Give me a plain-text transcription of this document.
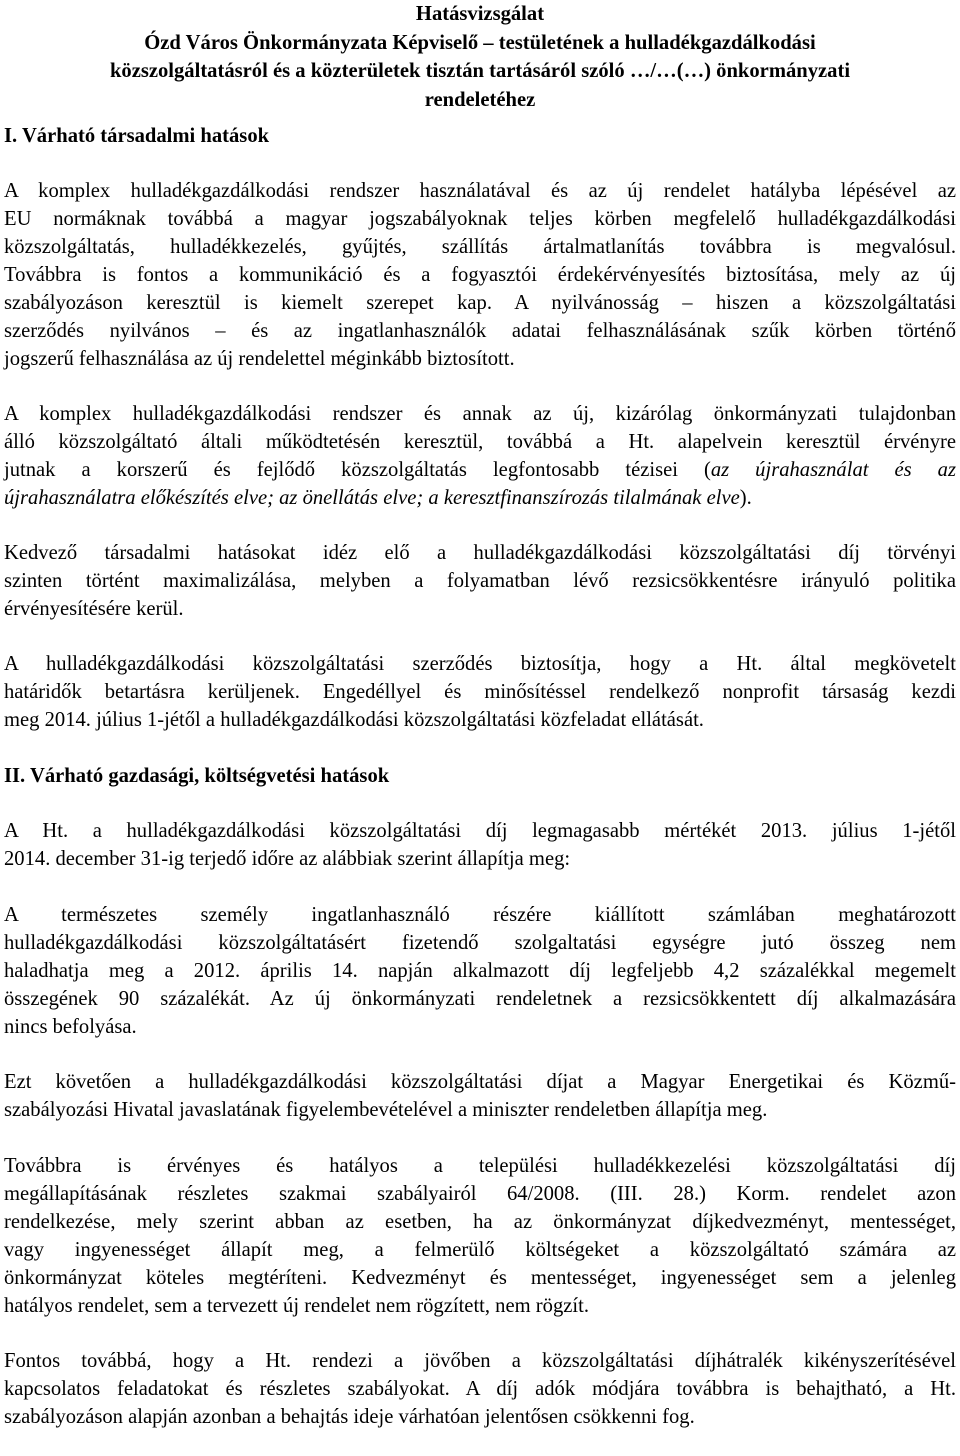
Hatásvizsgálat
Ózd Város Önkormányzata Képviselő – testületének a hulladékgazdálkodási
közszolgáltatásról és a közterületek tisztán tartásáról szóló …/…(…) önkormányzati
rendeletéhez
I. Várható társadalmi hatások
A komplex hulladékgazdálkodási rendszer használatával és az új rendelet hatályba lépésével az
EU normáknak továbbá a magyar jogszabályoknak teljes körben megfelelő hulladékgazdálkodási
közszolgáltatás, hulladékkezelés, gyűjtés, szállítás ártalmatlanítás továbbra is megvalósul.
Továbbra is fontos a kommunikáció és a fogyasztói érdekérvényesítés biztosítása, mely az új
szabályozáson keresztül is kiemelt szerepet kap. A nyilvánosság – hiszen a közszolgáltatási
szerződés nyilvános – és az ingatlanhasználók adatai felhasználásának szűk körben történő
jogszerű felhasználása az új rendelettel méginkább biztosított.
A komplex hulladékgazdálkodási rendszer és annak az új, kizárólag önkormányzati tulajdonban
álló közszolgáltató általi működtetésén keresztül, továbbá a Ht. alapelvein keresztül érvényre
jutnak a korszerű és fejlődő közszolgáltatás legfontosabb tézisei (az újrahasználat és az
újrahasználatra előkészítés elve; az önellátás elve; a keresztfinanszírozás tilalmának elve).
Kedvező társadalmi hatásokat idéz elő a hulladékgazdálkodási közszolgáltatási díj törvényi
szinten történt maximalizálása, melyben a folyamatban lévő rezsicsökkentésre irányuló politika
érvényesítésére kerül.
A hulladékgazdálkodási közszolgáltatási szerződés biztosítja, hogy a Ht. által megkövetelt
határidők betartásra kerüljenek. Engedéllyel és minősítéssel rendelkező nonprofit társaság kezdi
meg 2014. július 1-jétől a hulladékgazdálkodási közszolgáltatási közfeladat ellátását.
II. Várható gazdasági, költségvetési hatások
A Ht. a hulladékgazdálkodási közszolgáltatási díj legmagasabb mértékét 2013. július 1-jétől
2014. december 31-ig terjedő időre az alábbiak szerint állapítja meg:
A természetes személy ingatlanhasználó részére kiállított számlában meghatározott
hulladékgazdálkodási közszolgáltatásért fizetendő szolgaltatási egységre jutó összeg nem
haladhatja meg a 2012. április 14. napján alkalmazott díj legfeljebb 4,2 százalékkal megemelt
összegének 90 százalékát. Az új önkormányzati rendeletnek a rezsicsökkentett díj alkalmazására
nincs befolyása.
Ezt követően a hulladékgazdálkodási közszolgáltatási díjat a Magyar Energetikai és Közmű-
szabályozási Hivatal javaslatának figyelembevételével a miniszter rendeletben állapítja meg.
Továbbra is érvényes és hatályos a települési hulladékkezelési közszolgáltatási díj
megállapításának részletes szakmai szabályairól 64/2008. (III. 28.) Korm. rendelet azon
rendelkezése, mely szerint abban az esetben, ha az önkormányzat díjkedvezményt, mentességet,
vagy ingyenességet állapít meg, a felmerülő költségeket a közszolgáltató számára az
önkormányzat köteles megtéríteni. Kedvezményt és mentességet, ingyenességet sem a jelenleg
hatályos rendelet, sem a tervezett új rendelet nem rögzített, nem rögzít.
Fontos továbbá, hogy a Ht. rendezi a jövőben a közszolgáltatási díjhátralék kikényszerítésével
kapcsolatos feladatokat és részletes szabályokat. A díj adók módjára továbbra is behajtható, a Ht.
szabályozáson alapján azonban a behajtás ideje várhatóan jelentősen csökkenni fog.
